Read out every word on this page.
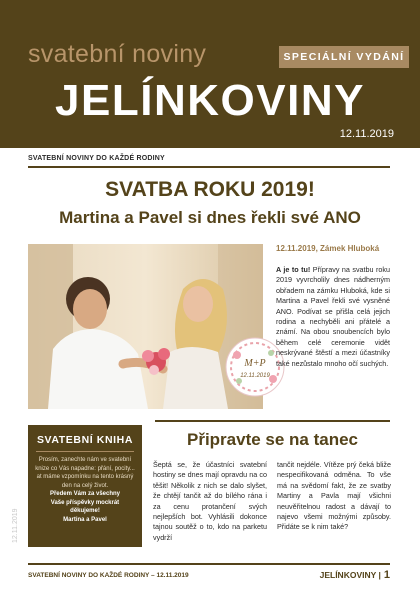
svatební noviny	SPECIÁLNÍ VYDÁNÍ
JELÍNKOVINY
12.11.2019
SVATEBNÍ NOVINY DO KAŽDÉ RODINY
SVATBA ROKU 2019!
Martina a Pavel si dnes řekli své ANO
M+P
12.11.2019
12.11.2019, Zámek Hluboká
A je to tu! Přípravy na svatbu roku 2019 vyvrcholily dnes nádherným obřadem na zámku Hluboká, kde si Martina a Pavel řekli své vysněné ANO. Podívat se přišla celá jejich rodina a nechyběli ani přátelé a známí. Na obou snoubencích bylo během celé ceremonie vidět neskrývané štěstí a mezi účastníky také nezůstalo mnoho očí suchých.
SVATEBNÍ KNIHA
Prosím, zanechte nám ve svatební knize co Vás napadne: přání, pocity... at máme vzpomínku na tento krásný den na celý život.
Předem Vám za všechny
Vaše příspěvky mockrát
děkujeme!
Martina a Pavel
12.11.2019
Připravte se na tanec
Šeptá se, že účastníci svatební hostiny se dnes mají opravdu na co těšit! Několik z nich se dalo slyšet, že chtějí tančit až do bílého rána i za cenu protančení svých nejlepších bot. Vyhlásili dokonce tajnou soutěž o to, kdo na parketu vydrží
tančit nejdéle. Vítěze prý čeká bliže nespecifikovaná odměna. To vše má na svědomí fakt, že ze svatby Martiny a Pavla mají všichni neuvěřitelnou radost a dávají to najevo všemi možnými způsoby. Přidáte se k nim také?
SVATEBNÍ NOVINY DO KAŽDÉ RODINY – 12.11.2019	JELÍNKOVINY | 1
